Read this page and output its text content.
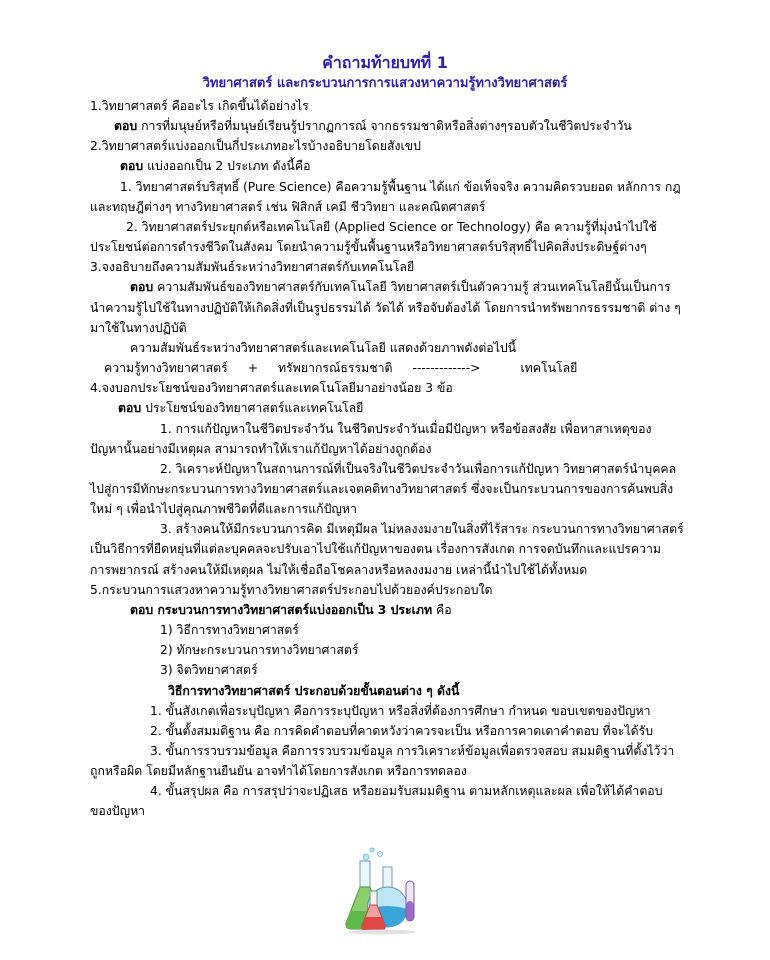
คำถามท้ายบทที่ 1
วิทยาศาสตร์ และกระบวนการการแสวงหาความรู้ทางวิทยาศาสตร์
1.วิทยาศาสตร์ คืออะไร เกิดขึ้นได้อย่างไร
ตอบ การที่มนุษย์หรือที่มนุษย์เรียนรู้ปรากฏการณ์ จากธรรมชาติหรือสิ่งต่างๆรอบตัวในชีวิตประจำวัน
2.วิทยาศาสตร์แบ่งออกเป็นกี่ประเภทอะไรบ้างอธิบายโดยสังเขป
ตอบ แบ่งออกเป็น 2 ประเภท ดังนี้คือ
1. วิทยาศาสตร์บริสุทธิ์ (Pure Science) คือความรู้พื้นฐาน ได้แก่ ข้อเท็จจริง ความคิดรวบยอด หลักการ กฎ และทฤษฎีต่างๆ ทางวิทยาศาสตร์ เช่น ฟิสิกส์ เคมี ชีววิทยา และคณิตศาสตร์
2. วิทยาศาสตร์ประยุกต์หรือเทคโนโลยี (Applied Science or Technology) คือ ความรู้ที่มุ่งนำไปใช้ประโยชน์ต่อการดำรงชีวิตในสังคม โดยนำความรู้ขั้นพื้นฐานหรือวิทยาศาสตร์บริสุทธิ์ไปคิดสิ่งประดิษฐ์ต่างๆ
3.จงอธิบายถึงความสัมพันธ์ระหว่างวิทยาศาสตร์กับเทคโนโลยี
ตอบ ความสัมพันธ์ของวิทยาศาสตร์กับเทคโนโลยี วิทยาศาสตร์เป็นตัวความรู้ ส่วนเทคโนโลยีนั้นเป็นการนำความรู้ไปใช้ในทางปฏิบัติให้เกิดสิ่งที่เป็นรูปธรรมได้ วัดได้ หรือจับต้องได้ โดยการนำทรัพยากรธรรมชาติ ต่าง ๆ มาใช้ในทางปฏิบัติ
ความสัมพันธ์ระหว่างวิทยาศาสตร์และเทคโนโลยี แสดงด้วยภาพดังต่อไปนี้
ความรู้ทางวิทยาศาสตร์ + ทรัพยากรณ์ธรรมชาติ ------------->	เทคโนโลยี
4.จงบอกประโยชน์ของวิทยาศาสตร์และเทคโนโลยีมาอย่างน้อย 3 ข้อ
ตอบ ประโยชน์ของวิทยาศาสตร์และเทคโนโลยี
1. การแก้ปัญหาในชีวิตประจำวัน ในชีวิตประจำวันเมื่อมีปัญหา หรือข้อสงสัย เพื่อหาสาเหตุของปัญหานั้นอย่างมีเหตุผล สามารถทำให้เราแก้ปัญหาได้อย่างถูกต้อง
2. วิเคราะห์ปัญหาในสถานการณ์ที่เป็นจริงในชีวิตประจำวันเพื่อการแก้ปัญหา วิทยาศาสตร์นำบุคคลไปสู่การมีทักษะกระบวนการทางวิทยาศาสตร์และเจตคติทางวิทยาศาสตร์ ซึ่งจะเป็นกระบวนการของการค้นพบสิ่งใหม่ ๆ เพื่อนำไปสู่คุณภาพชีวิตที่ดีและการแก้ปัญหา
3. สร้างคนให้มีกระบวนการคิด มีเหตุมีผล ไม่หลงงมงายในสิ่งที่ไร้สาระ กระบวนการทางวิทยาศาสตร์เป็นวิธีการที่ยืดหยุ่นที่แต่ละบุคคลจะปรับเอาไปใช้แก้ปัญหาของตน เรื่องการสังเกต การจดบันทึกและแปรความ การพยากรณ์ สร้างคนให้มีเหตุผล ไม่ให้เชื่อถือโชคลางหรือหลงงมงาย เหล่านี้นำไปใช้ได้ทั้งหมด
5.กระบวนการแสวงหาความรู้ทางวิทยาศาสตร์ประกอบไปด้วยองค์ประกอบใด
ตอบ กระบวนการทางวิทยาศาสตร์แบ่งออกเป็น 3 ประเภท คือ
1) วิธีการทางวิทยาศาสตร์
2) ทักษะกระบวนการทางวิทยาศาสตร์
3) จิตวิทยาศาสตร์
วิธีการทางวิทยาศาสตร์ ประกอบด้วยขั้นตอนต่าง ๆ ดังนี้
1. ขั้นสังเกตเพื่อระบุปัญหา คือการระบุปัญหา หรือสิ่งที่ต้องการศึกษา กำหนด ขอบเขตของปัญหา
2. ขั้นตั้งสมมติฐาน คือ การคิดคำตอบที่คาดหวังว่าควรจะเป็น หรือการคาดเดาคำตอบ ที่จะได้รับ
3. ขั้นการรวบรวมข้อมูล คือการรวบรวมข้อมูล การวิเคราะห์ข้อมูลเพื่อตรวจสอบ สมมติฐานที่ตั้งไว้ว่าถูกหรือผิด โดยมีหลักฐานยืนยัน อาจทำได้โดยการสังเกต หรือการทดลอง
4. ขั้นสรุปผล คือ การสรุปว่าจะปฏิเสธ หรือยอมรับสมมติฐาน ตามหลักเหตุและผล เพื่อให้ได้คำตอบของปัญหา
